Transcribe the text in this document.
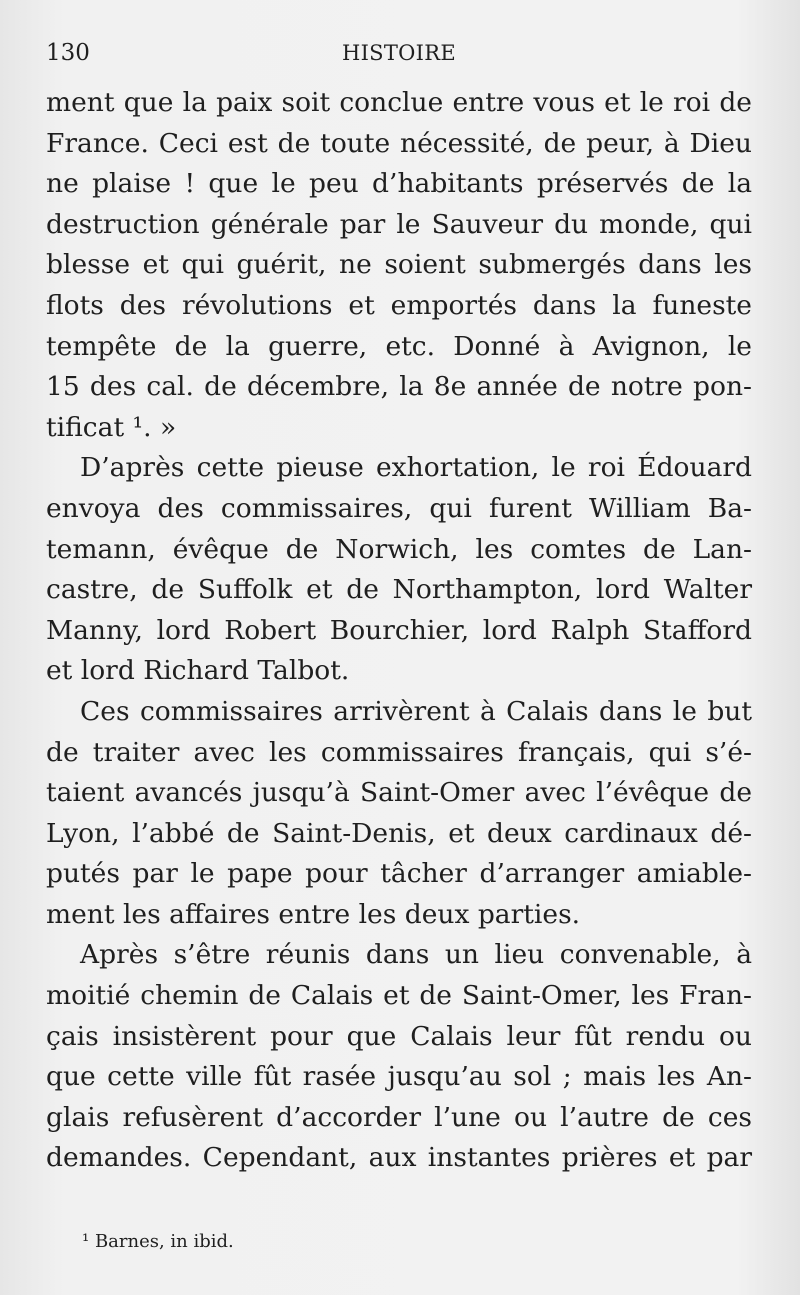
130	HISTOIRE

ment que la paix soit conclue entre vous et le roi de
France. Ceci est de toute nécessité, de peur, à Dieu
ne plaise ! que le peu d’habitants préservés de la
destruction générale par le Sauveur du monde, qui
blesse et qui guérit, ne soient submergés dans les
flots des révolutions et emportés dans la funeste
tempête de la guerre, etc. Donné à Avignon, le
15 des cal. de décembre, la 8e année de notre pon-
tificat ¹. »

D’après cette pieuse exhortation, le roi Édouard
envoya des commissaires, qui furent William Ba-
temann, évêque de Norwich, les comtes de Lan-
castre, de Suffolk et de Northampton, lord Walter
Manny, lord Robert Bourchier, lord Ralph Stafford
et lord Richard Talbot.

Ces commissaires arrivèrent à Calais dans le but
de traiter avec les commissaires français, qui s’é-
taient avancés jusqu’à Saint-Omer avec l’évêque de
Lyon, l’abbé de Saint-Denis, et deux cardinaux dé-
putés par le pape pour tâcher d’arranger amiable-
ment les affaires entre les deux parties.

Après s’être réunis dans un lieu convenable, à
moitié chemin de Calais et de Saint-Omer, les Fran-
çais insistèrent pour que Calais leur fût rendu ou
que cette ville fût rasée jusqu’au sol ; mais les An-
glais refusèrent d’accorder l’une ou l’autre de ces
demandes. Cependant, aux instantes prières et par

¹ Barnes, in ibid.
